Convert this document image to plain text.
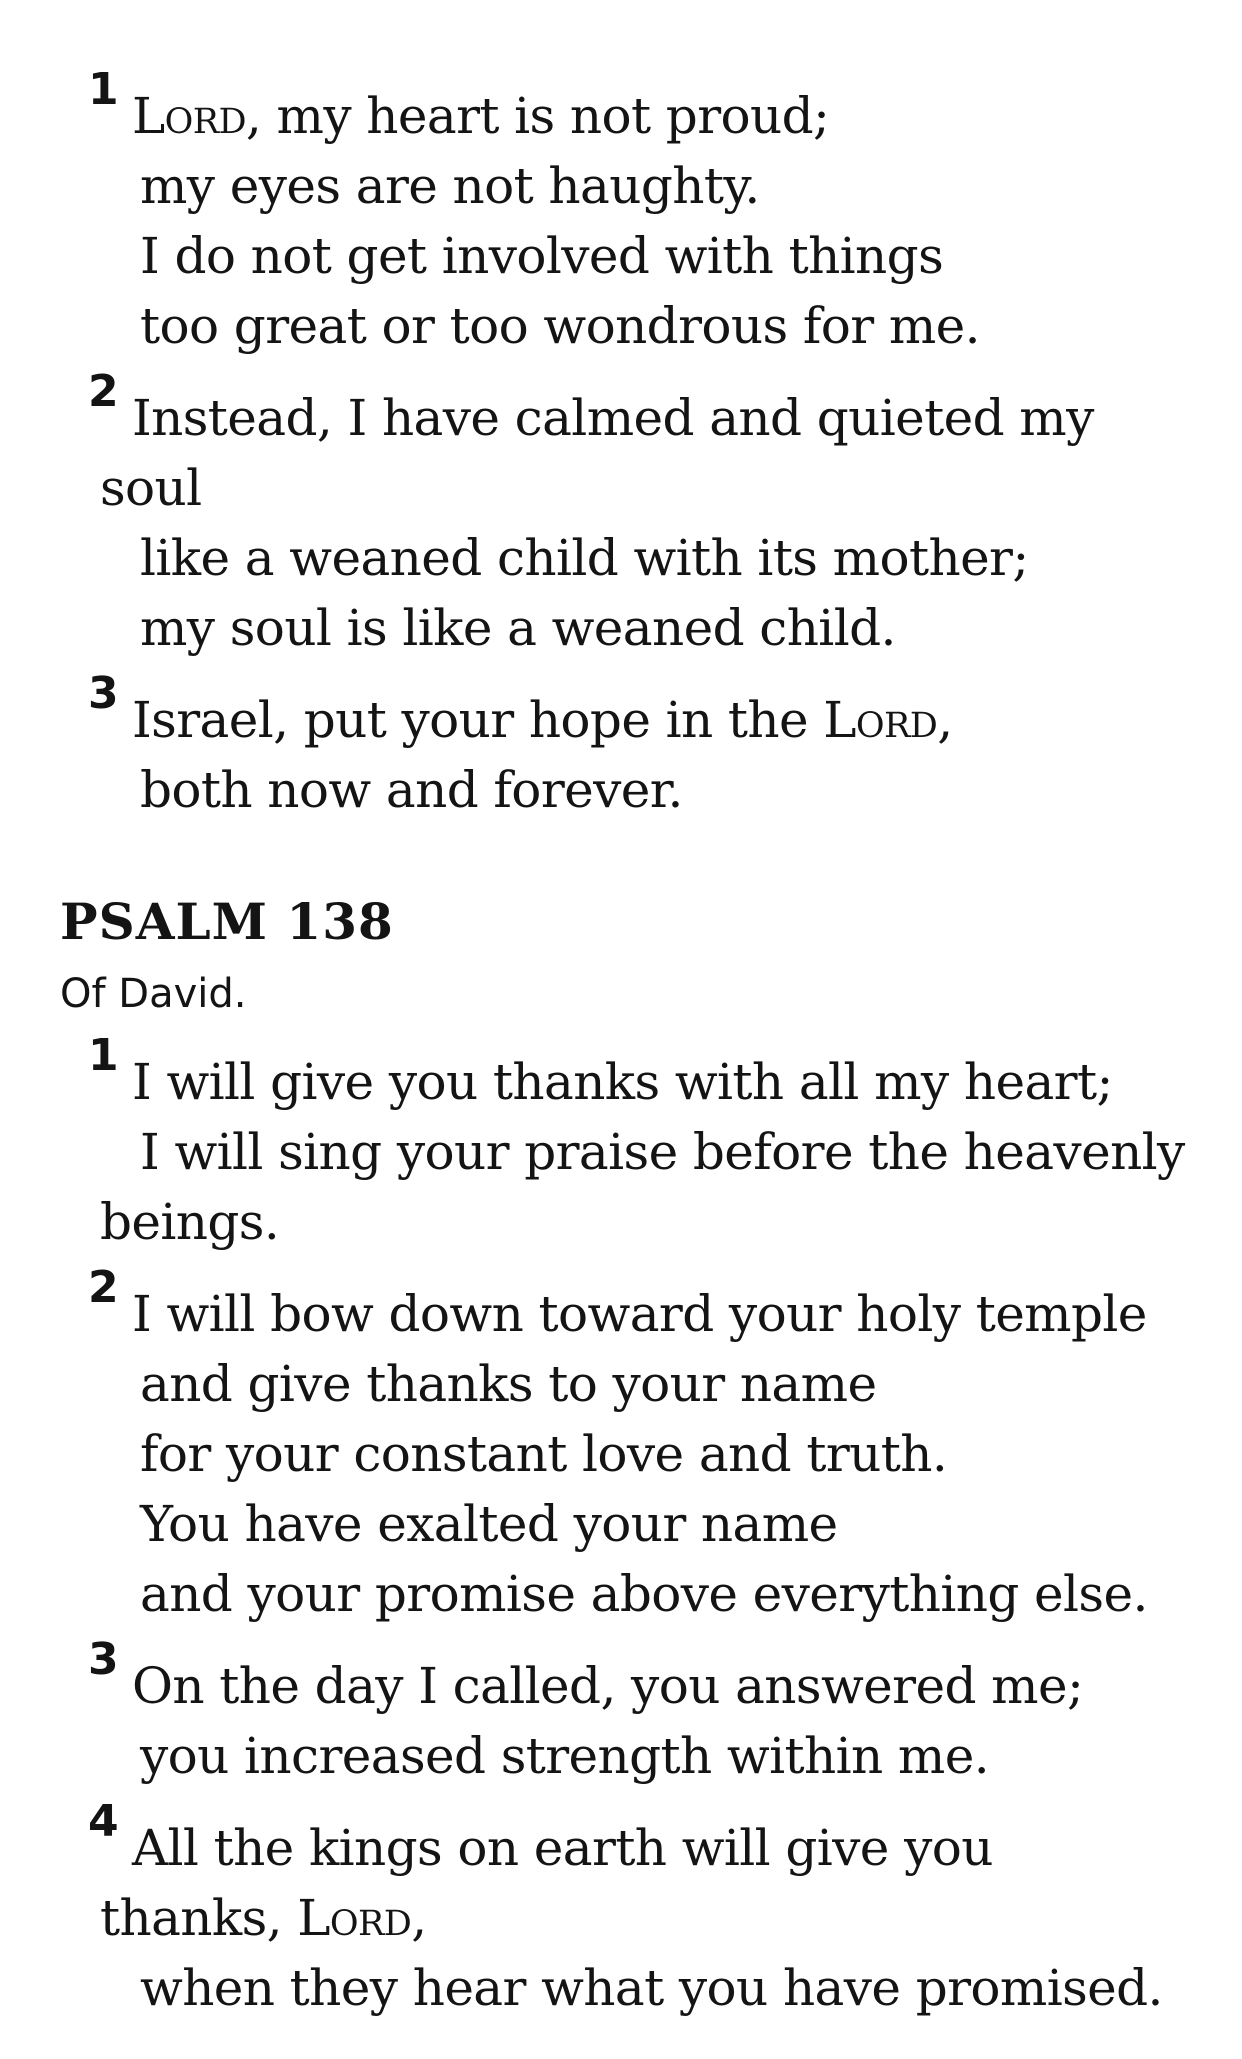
1 Lord, my heart is not proud;
my eyes are not haughty.
I do not get involved with things
too great or too wondrous for me.
2 Instead, I have calmed and quieted my
soul
like a weaned child with its mother;
my soul is like a weaned child.
3 Israel, put your hope in the Lord,
both now and forever.
PSALM 138
Of David.
1 I will give you thanks with all my heart;
I will sing your praise before the heavenly
beings.
2 I will bow down toward your holy temple
and give thanks to your name
for your constant love and truth.
You have exalted your name
and your promise above everything else.
3 On the day I called, you answered me;
you increased strength within me.
4 All the kings on earth will give you
thanks, Lord,
when they hear what you have promised.
